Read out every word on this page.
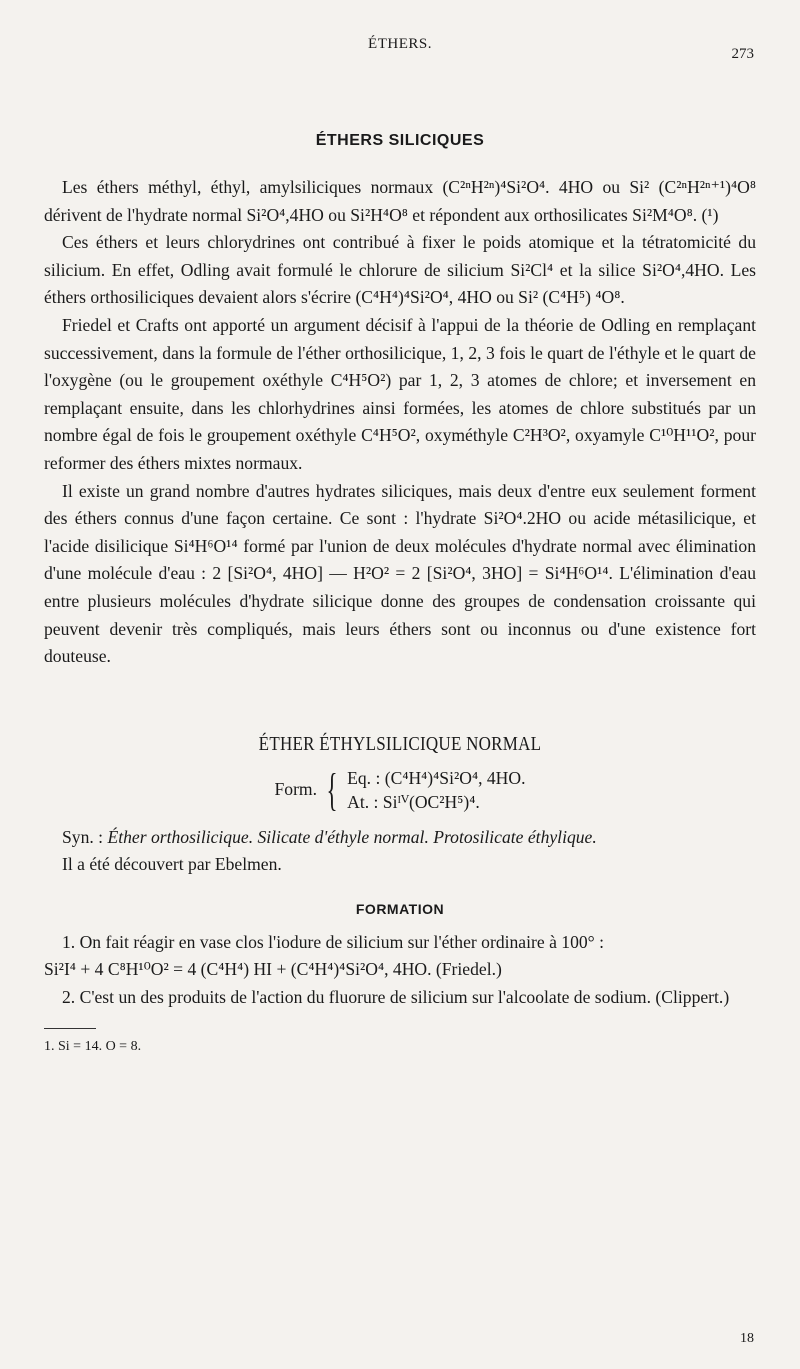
ÉTHERS.
273
ÉTHERS SILICIQUES

Les éthers méthyl, éthyl, amylsiliciques normaux (C²ⁿH²ⁿ)⁴Si²O⁴. 4HO ou Si² (C²ⁿH²ⁿ⁺¹)⁴O⁸ dérivent de l'hydrate normal Si²O⁴,4HO ou Si²H⁴O⁸ et répondent aux orthosilicates Si²M⁴O⁸. (¹)

Ces éthers et leurs chlorydrines ont contribué à fixer le poids atomique et la tétratomicité du silicium. En effet, Odling avait formulé le chlorure de silicium Si²Cl⁴ et la silice Si²O⁴,4HO. Les éthers orthosiliciques devaient alors s'écrire (C⁴H⁴)⁴Si²O⁴, 4HO ou Si² (C⁴H⁵) ⁴O⁸.

Friedel et Crafts ont apporté un argument décisif à l'appui de la théorie de Odling en remplaçant successivement, dans la formule de l'éther orthosilicique, 1, 2, 3 fois le quart de l'éthyle et le quart de l'oxygène (ou le groupement oxéthyle C⁴H⁵O²) par 1, 2, 3 atomes de chlore; et inversement en remplaçant ensuite, dans les chlorhydrines ainsi formées, les atomes de chlore substitués par un nombre égal de fois le groupement oxéthyle C⁴H⁵O², oxyméthyle C²H³O², oxyamyle C¹⁰H¹¹O², pour reformer des éthers mixtes normaux.

Il existe un grand nombre d'autres hydrates siliciques, mais deux d'entre eux seulement forment des éthers connus d'une façon certaine. Ce sont : l'hydrate Si²O⁴.2HO ou acide métasilicique, et l'acide disilicique Si⁴H⁶O¹⁴ formé par l'union de deux molécules d'hydrate normal avec élimination d'une molécule d'eau : 2 [Si²O⁴, 4HO] — H²O² = 2 [Si²O⁴, 3HO] = Si⁴H⁶O¹⁴. L'élimination d'eau entre plusieurs molécules d'hydrate silicique donne des groupes de condensation croissante qui peuvent devenir très compliqués, mais leurs éthers sont ou inconnus ou d'une existence fort douteuse.

ÉTHER ÉTHYLSILICIQUE NORMAL
Form. { Eq. : (C⁴H⁴)⁴Si²O⁴, 4HO.
At. : Siᴵⱽ(OC²H⁵)⁴.

Syn. : Éther orthosilicique. Silicate d'éthyle normal. Protosilicate éthylique.

Il a été découvert par Ebelmen.

FORMATION

1. On fait réagir en vase clos l'iodure de silicium sur l'éther ordinaire à 100° :

Si²I⁴ + 4 C⁸H¹⁰O² = 4 (C⁴H⁴) HI + (C⁴H⁴)⁴Si²O⁴, 4HO. (Friedel.)

2. C'est un des produits de l'action du fluorure de silicium sur l'alcoolate de sodium. (Clippert.)

1. Si = 14. O = 8.

18
